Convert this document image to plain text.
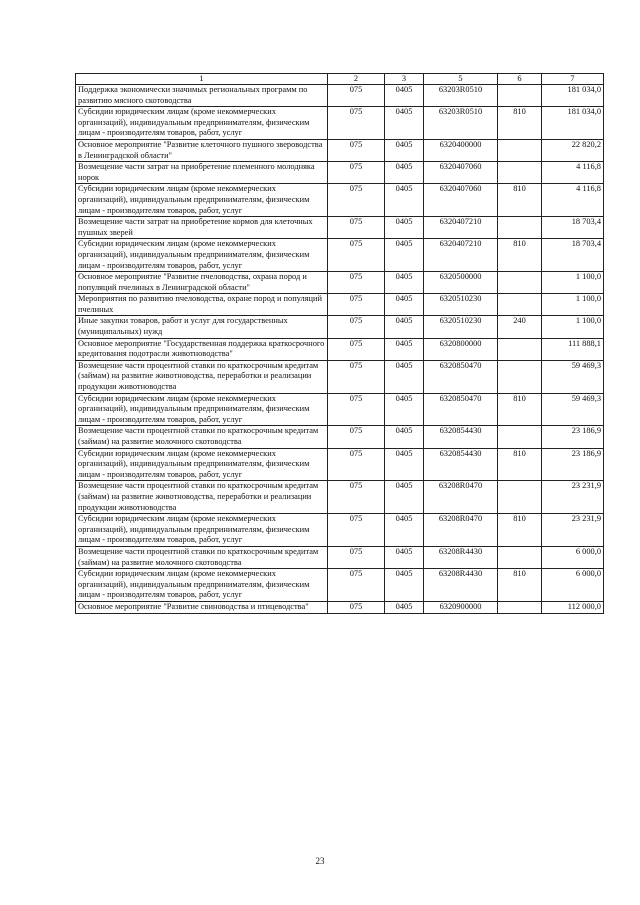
1	2	3	5	6	7
Поддержка экономически значимых региональных программ по развитию мясного скотоводства	075	0405	63203R0510		181 034,0
Субсидии юридическим лицам (кроме некоммерческих организаций), индивидуальным предпринимателям, физическим лицам - производителям товаров, работ, услуг	075	0405	63203R0510	810	181 034,0
Основное мероприятие "Развитие клеточного пушного звероводства в Ленинградской области"	075	0405	6320400000		22 820,2
Возмещение части затрат на приобретение племенного молодняка норок	075	0405	6320407060		4 116,8
Субсидии юридическим лицам (кроме некоммерческих организаций), индивидуальным предпринимателям, физическим лицам - производителям товаров, работ, услуг	075	0405	6320407060	810	4 116,8
Возмещение части затрат на приобретение кормов для клеточных пушных зверей	075	0405	6320407210		18 703,4
Субсидии юридическим лицам (кроме некоммерческих организаций), индивидуальным предпринимателям, физическим лицам - производителям товаров, работ, услуг	075	0405	6320407210	810	18 703,4
Основное мероприятие "Развитие пчеловодства, охрана пород и популяций пчелиных в Ленинградской области"	075	0405	6320500000		1 100,0
Мероприятия по развитию пчеловодства, охране пород и популяций пчелиных	075	0405	6320510230		1 100,0
Иные закупки товаров, работ и услуг для государственных (муниципальных) нужд	075	0405	6320510230	240	1 100,0
Основное мероприятие "Государственная поддержка краткосрочного кредитования подотрасли животноводства"	075	0405	6320800000		111 888,1
Возмещение части процентной ставки по краткосрочным кредитам (займам) на развитие животноводства, переработки и реализации продукции животноводства	075	0405	6320850470		59 469,3
Субсидии юридическим лицам (кроме некоммерческих организаций), индивидуальным предпринимателям, физическим лицам - производителям товаров, работ, услуг	075	0405	6320850470	810	59 469,3
Возмещение части процентной ставки по краткосрочным кредитам (займам) на развитие молочного скотоводства	075	0405	6320854430		23 186,9
Субсидии юридическим лицам (кроме некоммерческих организаций), индивидуальным предпринимателям, физическим лицам - производителям товаров, работ, услуг	075	0405	6320854430	810	23 186,9
Возмещение части процентной ставки по краткосрочным кредитам (займам) на развитие животноводства, переработки и реализации продукции животноводства	075	0405	63208R0470		23 231,9
Субсидии юридическим лицам (кроме некоммерческих организаций), индивидуальным предпринимателям, физическим лицам - производителям товаров, работ, услуг	075	0405	63208R0470	810	23 231,9
Возмещение части процентной ставки по краткосрочным кредитам (займам) на развитие молочного скотоводства	075	0405	63208R4430		6 000,0
Субсидии юридическим лицам (кроме некоммерческих организаций), индивидуальным предпринимателям, физическим лицам - производителям товаров, работ, услуг	075	0405	63208R4430	810	6 000,0
Основное мероприятие "Развитие свиноводства и птицеводства"	075	0405	6320900000		112 000,0
23
